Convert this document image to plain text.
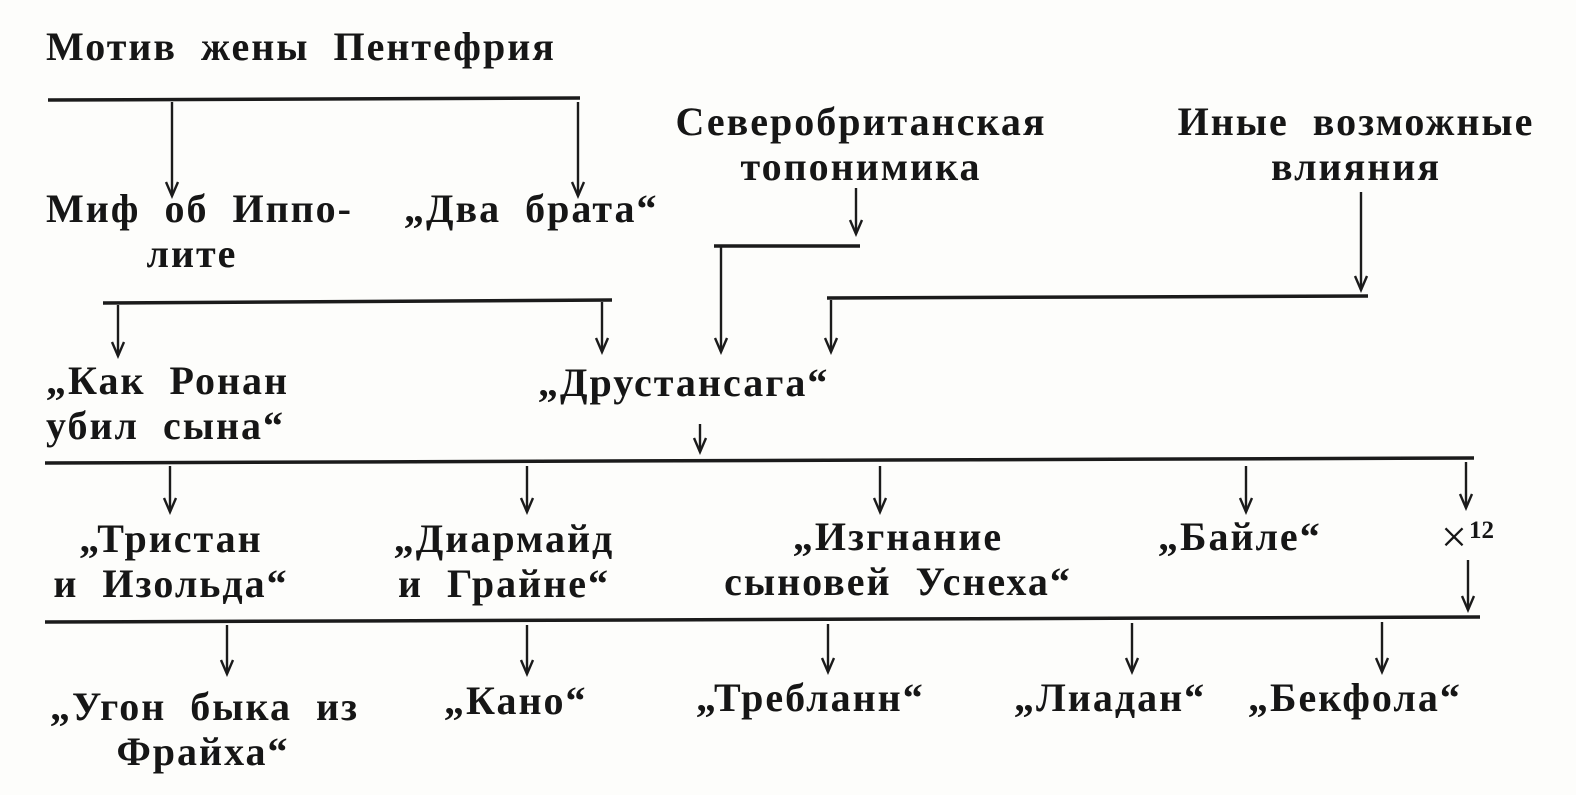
Мотив жены Пентефрия
Миф об Иппо-
лите
„Два брата“
Северобританская
топонимика
Иные возможные
влияния
„Как Ронан
убил сына“
„Друстансага“
„Тристан
и Изольда“
„Диармайд
и Грайне“
„Изгнание
сыновей Уснеха“
„Байле“	×$^{12}$
„Угон быка из
Фрайха“
„Кано“	„Требланн“ „Лиадан“ „Бекфола“
